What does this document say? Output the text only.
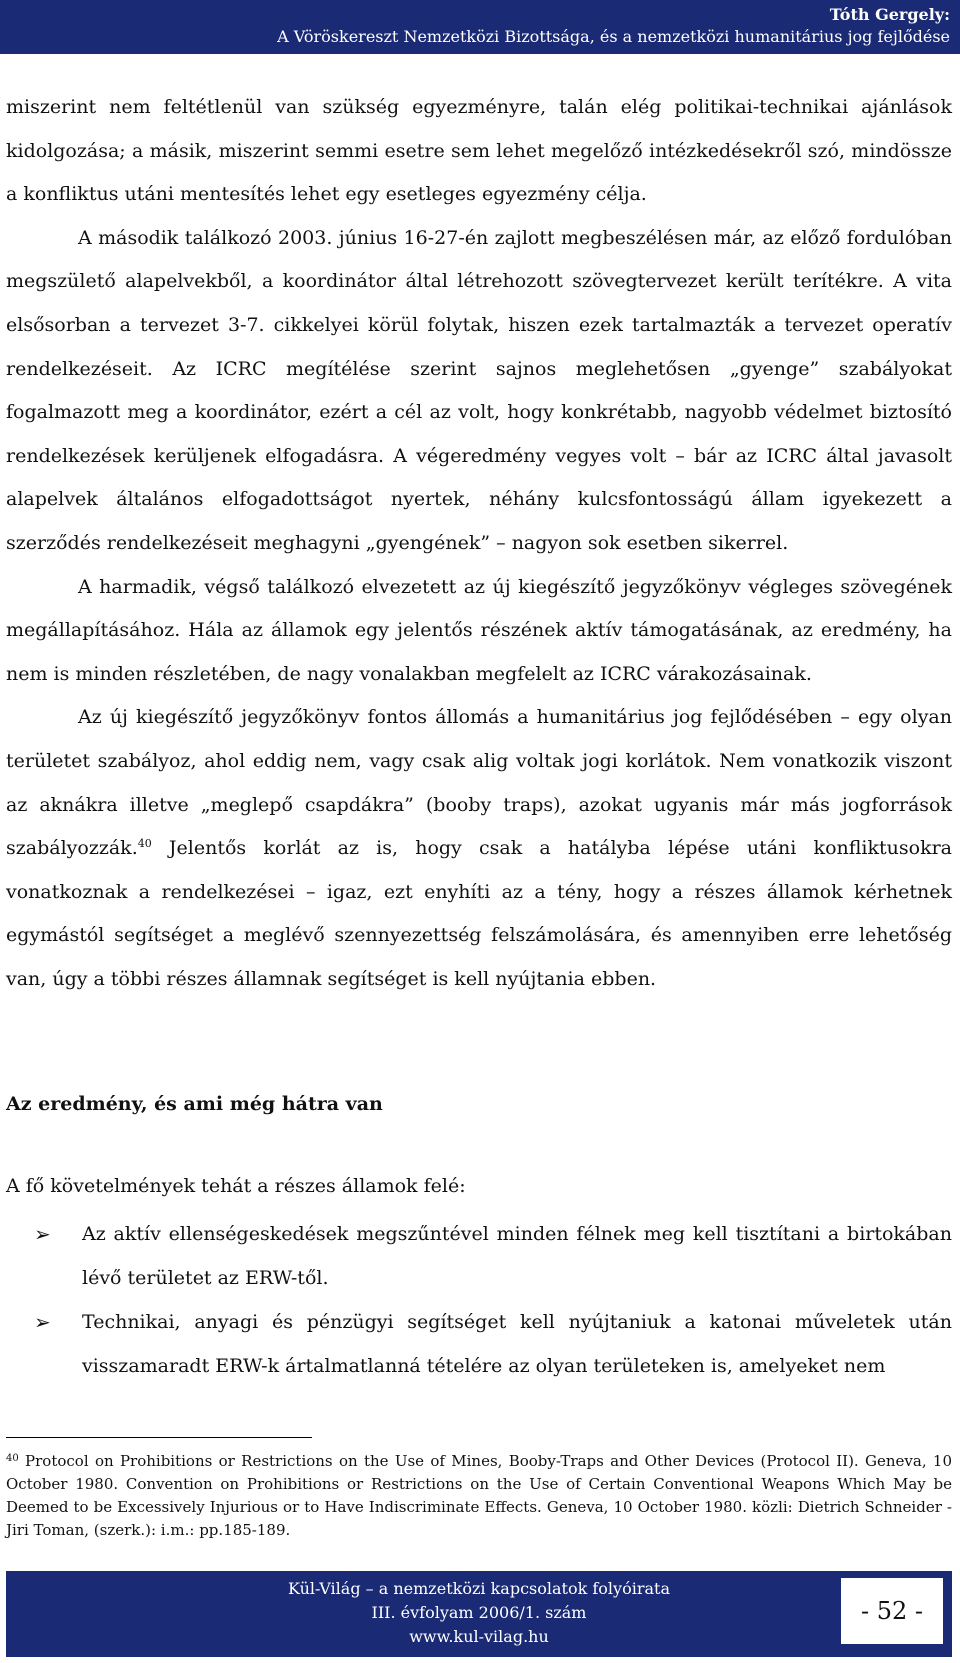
Tóth Gergely:
A Vöröskereszt Nemzetközi Bizottsága, és a nemzetközi humanitárius jog fejlődése

miszerint nem feltétlenül van szükség egyezményre, talán elég politikai-technikai ajánlások kidolgozása; a másik, miszerint semmi esetre sem lehet megelőző intézkedésekről szó, mindössze a konfliktus utáni mentesítés lehet egy esetleges egyezmény célja.

A második találkozó 2003. június 16-27-én zajlott megbeszélésen már, az előző fordulóban megszülető alapelvekből, a koordinátor által létrehozott szövegtervezet került terítékre. A vita elsősorban a tervezet 3-7. cikkelyei körül folytak, hiszen ezek tartalmazták a tervezet operatív rendelkezéseit. Az ICRC megítélése szerint sajnos meglehetősen „gyenge” szabályokat fogalmazott meg a koordinátor, ezért a cél az volt, hogy konkrétabb, nagyobb védelmet biztosító rendelkezések kerüljenek elfogadásra. A végeredmény vegyes volt – bár az ICRC által javasolt alapelvek általános elfogadottságot nyertek, néhány kulcsfontosságú állam igyekezett a szerződés rendelkezéseit meghagyni „gyengének” – nagyon sok esetben sikerrel.

A harmadik, végső találkozó elvezetett az új kiegészítő jegyzőkönyv végleges szövegének megállapításához. Hála az államok egy jelentős részének aktív támogatásának, az eredmény, ha nem is minden részletében, de nagy vonalakban megfelelt az ICRC várakozásainak.

Az új kiegészítő jegyzőkönyv fontos állomás a humanitárius jog fejlődésében – egy olyan területet szabályoz, ahol eddig nem, vagy csak alig voltak jogi korlátok. Nem vonatkozik viszont az aknákra illetve „meglepő csapdákra” (booby traps), azokat ugyanis már más jogforrások szabályozzák.$^{40}$ Jelentős korlát az is, hogy csak a hatályba lépése utáni konfliktusokra vonatkoznak a rendelkezései – igaz, ezt enyhíti az a tény, hogy a részes államok kérhetnek egymástól segítséget a meglévő szennyezettség felszámolására, és amennyiben erre lehetőség van, úgy a többi részes államnak segítséget is kell nyújtania ebben.

Az eredmény, és ami még hátra van
A fő követelmények tehát a részes államok felé:
➢ Az aktív ellenségeskedések megszűntével minden félnek meg kell tisztítani a birtokában lévő területet az ERW-től.
➢ Technikai, anyagi és pénzügyi segítséget kell nyújtaniuk a katonai műveletek után visszamaradt ERW-k ártalmatlanná tételére az olyan területeken is, amelyeket nem
$^{40}$ Protocol on Prohibitions or Restrictions on the Use of Mines, Booby-Traps and Other Devices (Protocol II). Geneva, 10 October 1980. Convention on Prohibitions or Restrictions on the Use of Certain Conventional Weapons Which May be Deemed to be Excessively Injurious or to Have Indiscriminate Effects. Geneva, 10 October 1980. közli: Dietrich Schneider - Jiri Toman, (szerk.): i.m.: pp.185-189.
Kül-Világ – a nemzetközi kapcsolatok folyóirata
III. évfolyam 2006/1. szám
www.kul-vilag.hu
- 52 -
